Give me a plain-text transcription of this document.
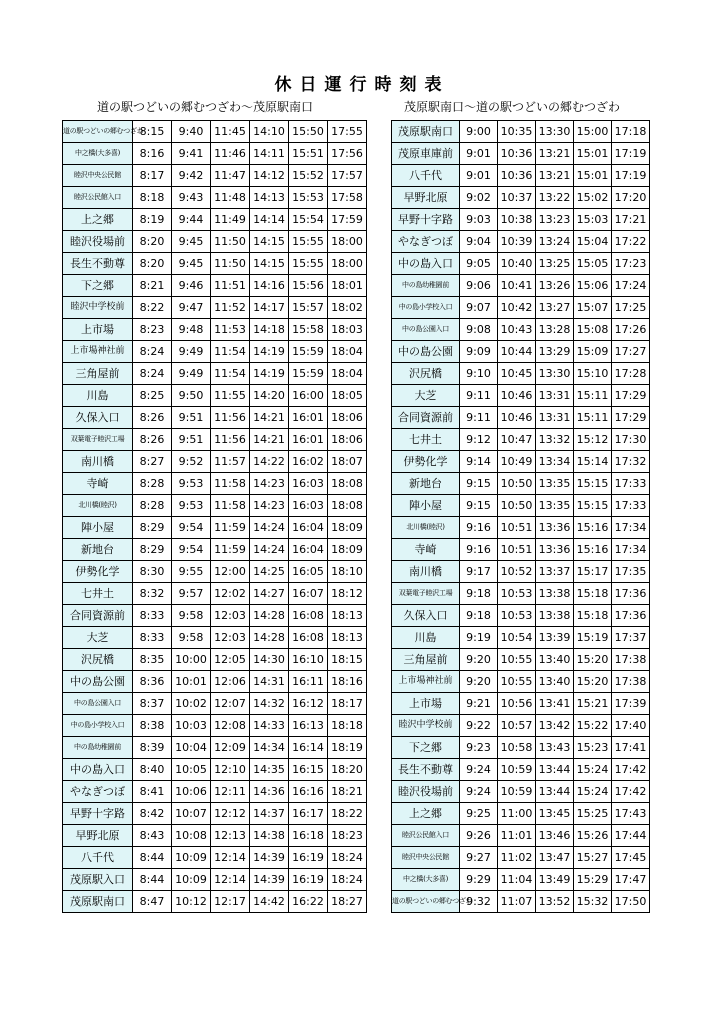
休日運行時刻表
道の駅つどいの郷むつざわ〜茂原駅南口	茂原駅南口〜道の駅つどいの郷むつざわ
道の駅つどいの郷むつざわ	8:15	9:40	11:45	14:10	15:50	17:55
中之橋(大多喜)	8:16	9:41	11:46	14:11	15:51	17:56
睦沢中央公民館	8:17	9:42	11:47	14:12	15:52	17:57
睦沢公民館入口	8:18	9:43	11:48	14:13	15:53	17:58
上之郷	8:19	9:44	11:49	14:14	15:54	17:59
睦沢役場前	8:20	9:45	11:50	14:15	15:55	18:00
長生不動尊	8:20	9:45	11:50	14:15	15:55	18:00
下之郷	8:21	9:46	11:51	14:16	15:56	18:01
睦沢中学校前	8:22	9:47	11:52	14:17	15:57	18:02
上市場	8:23	9:48	11:53	14:18	15:58	18:03
上市場神社前	8:24	9:49	11:54	14:19	15:59	18:04
三角屋前	8:24	9:49	11:54	14:19	15:59	18:04
川島	8:25	9:50	11:55	14:20	16:00	18:05
久保入口	8:26	9:51	11:56	14:21	16:01	18:06
双葉電子睦沢工場	8:26	9:51	11:56	14:21	16:01	18:06
南川橋	8:27	9:52	11:57	14:22	16:02	18:07
寺崎	8:28	9:53	11:58	14:23	16:03	18:08
北川橋(睦沢)	8:28	9:53	11:58	14:23	16:03	18:08
陣小屋	8:29	9:54	11:59	14:24	16:04	18:09
新地台	8:29	9:54	11:59	14:24	16:04	18:09
伊勢化学	8:30	9:55	12:00	14:25	16:05	18:10
七井土	8:32	9:57	12:02	14:27	16:07	18:12
合同資源前	8:33	9:58	12:03	14:28	16:08	18:13
大芝	8:33	9:58	12:03	14:28	16:08	18:13
沢尻橋	8:35	10:00	12:05	14:30	16:10	18:15
中の島公園	8:36	10:01	12:06	14:31	16:11	18:16
中の島公園入口	8:37	10:02	12:07	14:32	16:12	18:17
中の島小学校入口	8:38	10:03	12:08	14:33	16:13	18:18
中の島幼稚園前	8:39	10:04	12:09	14:34	16:14	18:19
中の島入口	8:40	10:05	12:10	14:35	16:15	18:20
やなぎつぼ	8:41	10:06	12:11	14:36	16:16	18:21
早野十字路	8:42	10:07	12:12	14:37	16:17	18:22
早野北原	8:43	10:08	12:13	14:38	16:18	18:23
八千代	8:44	10:09	12:14	14:39	16:19	18:24
茂原駅入口	8:44	10:09	12:14	14:39	16:19	18:24
茂原駅南口	8:47	10:12	12:17	14:42	16:22	18:27
茂原駅南口	9:00	10:35	13:30	15:00	17:18
茂原車庫前	9:01	10:36	13:21	15:01	17:19
八千代	9:01	10:36	13:21	15:01	17:19
早野北原	9:02	10:37	13:22	15:02	17:20
早野十字路	9:03	10:38	13:23	15:03	17:21
やなぎつぼ	9:04	10:39	13:24	15:04	17:22
中の島入口	9:05	10:40	13:25	15:05	17:23
中の島幼稚園前	9:06	10:41	13:26	15:06	17:24
中の島小学校入口	9:07	10:42	13:27	15:07	17:25
中の島公園入口	9:08	10:43	13:28	15:08	17:26
中の島公園	9:09	10:44	13:29	15:09	17:27
沢尻橋	9:10	10:45	13:30	15:10	17:28
大芝	9:11	10:46	13:31	15:11	17:29
合同資源前	9:11	10:46	13:31	15:11	17:29
七井土	9:12	10:47	13:32	15:12	17:30
伊勢化学	9:14	10:49	13:34	15:14	17:32
新地台	9:15	10:50	13:35	15:15	17:33
陣小屋	9:15	10:50	13:35	15:15	17:33
北川橋(睦沢)	9:16	10:51	13:36	15:16	17:34
寺崎	9:16	10:51	13:36	15:16	17:34
南川橋	9:17	10:52	13:37	15:17	17:35
双葉電子睦沢工場	9:18	10:53	13:38	15:18	17:36
久保入口	9:18	10:53	13:38	15:18	17:36
川島	9:19	10:54	13:39	15:19	17:37
三角屋前	9:20	10:55	13:40	15:20	17:38
上市場神社前	9:20	10:55	13:40	15:20	17:38
上市場	9:21	10:56	13:41	15:21	17:39
睦沢中学校前	9:22	10:57	13:42	15:22	17:40
下之郷	9:23	10:58	13:43	15:23	17:41
長生不動尊	9:24	10:59	13:44	15:24	17:42
睦沢役場前	9:24	10:59	13:44	15:24	17:42
上之郷	9:25	11:00	13:45	15:25	17:43
睦沢公民館入口	9:26	11:01	13:46	15:26	17:44
睦沢中央公民館	9:27	11:02	13:47	15:27	17:45
中之橋(大多喜)	9:29	11:04	13:49	15:29	17:47
道の駅つどいの郷むつざわ	9:32	11:07	13:52	15:32	17:50
